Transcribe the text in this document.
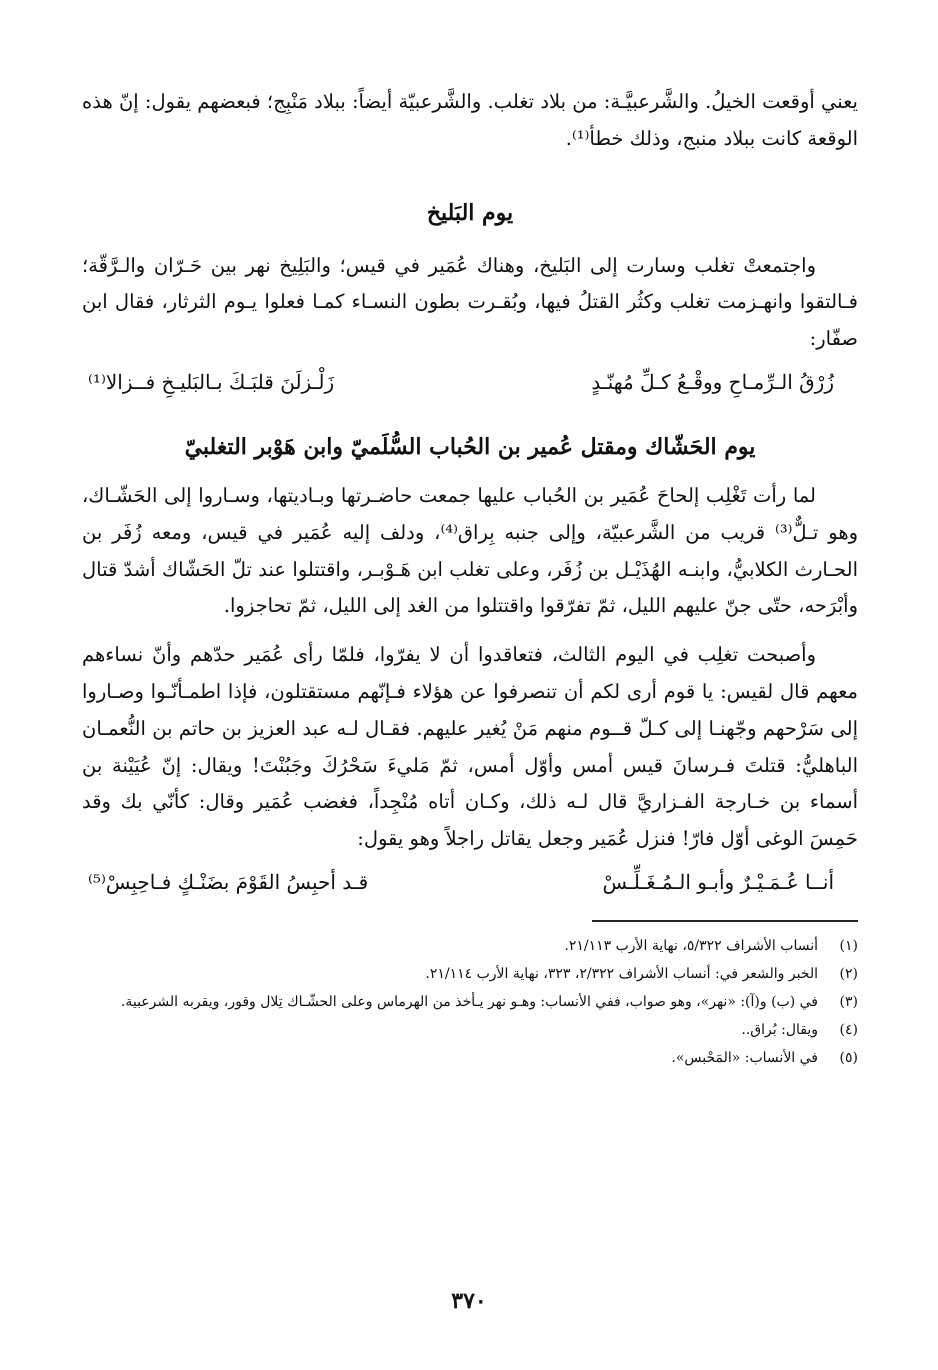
يعني أوقعت الخيلُ. والشَّرعبيَّـة: من بلاد تغلب. والشَّرعبيّة أيضاً: ببلاد مَنْبِج؛ فبعضهم يقول: إنّ هذه الوقعة كانت ببلاد منبج، وذلك خطأ⁽¹⁾.

يوم البَليخ

واجتمعتْ تغلب وسارت إلى البَليخ، وهناك عُمَير في قيس؛ والبَلِيخ نهر بين حَـرّان والـرَّقّة؛ فـالتقوا وانهـزمت تغلب وكثُر القتلُ فيها، وبُقـرت بطون النسـاء كمـا فعلوا يـوم الثرثار، فقال ابن صفّار:

زُرْقُ الـرِّمـاحِ ووقْـعُ كـلِّ مُهنّـدٍ
زَلْـزلَنَ قلبَـكَ بـالبَليـخِ فــزالا⁽¹⁾
يوم الحَشّاك ومقتل عُمير بن الحُباب السُّلَميّ وابن هَوْبر التغلبيّ

لما رأت تَغْلِب إلحاحَ عُمَير بن الحُباب عليها جمعت حاضـرتها وبـاديتها، وسـاروا إلى الحَشّـاك، وهو تـلٌّ⁽³⁾ قريب من الشَّرعبيّة، وإلى جنبه بِراق⁽⁴⁾، ودلف إليه عُمَير في قيس، ومعه زُفَر بن الحـارث الكلابيُّ، وابنـه الهُذَيْـل بن زُفَر، وعلى تغلب ابن هَـوْبـر، واقتتلوا عند تلّ الحَشّاك أشدّ قتال وأبْرَحه، حتّى جنّ عليهم الليل، ثمّ تفرّقوا واقتتلوا من الغد إلى الليل، ثمّ تحاجزوا.

وأصبحت تغلِب في اليوم الثالث، فتعاقدوا أن لا يفرّوا، فلمّا رأى عُمَير حدّهم وأنّ نساءهم معهم قال لقيس: يا قوم أرى لكم أن تنصرفوا عن هؤلاء فـإنّهم مستقتلون، فإذا اطمـأنّـوا وصـاروا إلى سَرْحهم وجّهنـا إلى كـلّ قــوم منهم مَنْ يُغير عليهم. فقـال لـه عبد العزيز بن حاتم بن النُّعمـان الباهليُّ: قتلتَ فـرسانَ قيس أمس وأوّل أمس، ثمّ مَليءَ سَحْرُكَ وجَبُنْتَ! ويقال: إنّ عُيَيْنة بن أسماء بن خـارجة الفـزاريَّ قال لـه ذلك، وكـان أتاه مُنْجِداً، فغضب عُمَير وقال: كأنّي بك وقد حَمِسَ الوغى أوّل فارّ! فنزل عُمَير وجعل يقاتل راجلاً وهو يقول:

أنــا عُـمَـيْـرٌ وأبـو الـمُـغَـلِّـسْ
قـد أحبِسُ القَوْمَ بضَنْـكٍ فـاحِبِسْ⁽⁵⁾
(١)
أنساب الأشراف ٥/٣٢٢، نهاية الأرب ٢١/١١٣.
(٢)
الخبر والشعر في: أنساب الأشراف ٢/٣٢٢، ٣٢٣، نهاية الأرب ٢١/١١٤.
(٣)
في (ب) و(آ): «نهر»، وهو صواب، ففي الأنساب: وهـو نهر يـأخذ من الهرماس وعلى الحشّـاك تِلال وقور، ويقربه الشرعبية.
(٤)
ويقال: بُراق..
(٥)
في الأنساب: «المَحْبس».
٣٧٠
